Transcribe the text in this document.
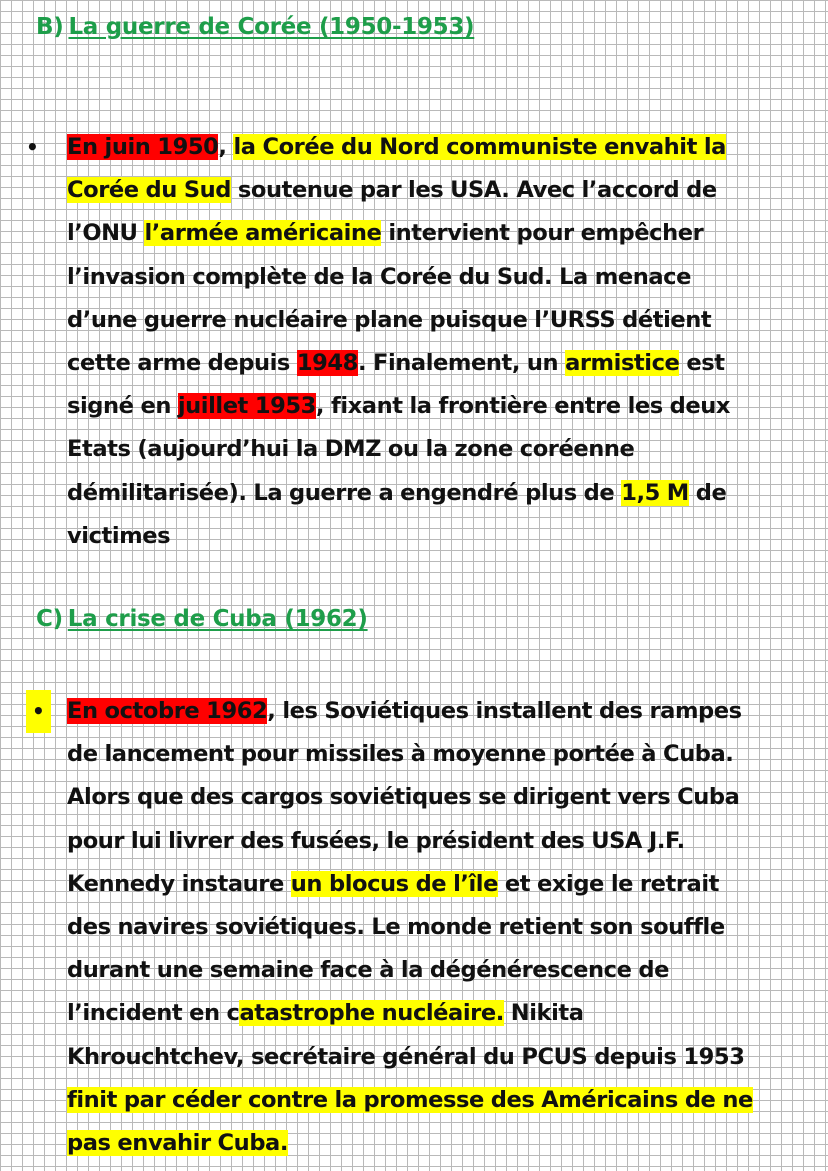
B) La guerre de Corée (1950-1953)
• En juin 1950, la Corée du Nord communiste envahit la
Corée du Sud soutenue par les USA. Avec l’accord de
l’ONU l’armée américaine intervient pour empêcher
l’invasion complète de la Corée du Sud. La menace
d’une guerre nucléaire plane puisque l’URSS détient
cette arme depuis 1948. Finalement, un armistice est
signé en juillet 1953, fixant la frontière entre les deux
Etats (aujourd’hui la DMZ ou la zone coréenne
démilitarisée). La guerre a engendré plus de 1,5 M de
victimes
C) La crise de Cuba (1962)
• En octobre 1962, les Soviétiques installent des rampes
de lancement pour missiles à moyenne portée à Cuba.
Alors que des cargos soviétiques se dirigent vers Cuba
pour lui livrer des fusées, le président des USA J.F.
Kennedy instaure un blocus de l’île et exige le retrait
des navires soviétiques. Le monde retient son souffle
durant une semaine face à la dégénérescence de
l’incident en catastrophe nucléaire. Nikita
Khrouchtchev, secrétaire général du PCUS depuis 1953
finit par céder contre la promesse des Américains de ne
pas envahir Cuba.
